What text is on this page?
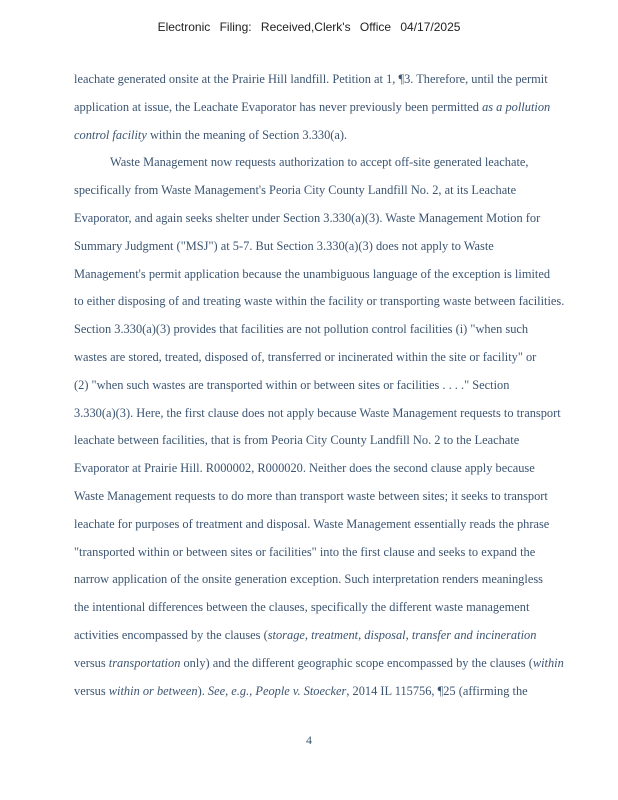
Electronic Filing: Received,Clerk's Office 04/17/2025
leachate generated onsite at the Prairie Hill landfill. Petition at 1, ¶3. Therefore, until the permit
application at issue, the Leachate Evaporator has never previously been permitted as a pollution
control facility within the meaning of Section 3.330(a).
Waste Management now requests authorization to accept off-site generated leachate,
specifically from Waste Management's Peoria City County Landfill No. 2, at its Leachate
Evaporator, and again seeks shelter under Section 3.330(a)(3). Waste Management Motion for
Summary Judgment ("MSJ") at 5-7. But Section 3.330(a)(3) does not apply to Waste
Management's permit application because the unambiguous language of the exception is limited
to either disposing of and treating waste within the facility or transporting waste between facilities.
Section 3.330(a)(3) provides that facilities are not pollution control facilities (i) "when such
wastes are stored, treated, disposed of, transferred or incinerated within the site or facility" or
(2) "when such wastes are transported within or between sites or facilities . . . ." Section
3.330(a)(3). Here, the first clause does not apply because Waste Management requests to transport
leachate between facilities, that is from Peoria City County Landfill No. 2 to the Leachate
Evaporator at Prairie Hill. R000002, R000020. Neither does the second clause apply because
Waste Management requests to do more than transport waste between sites; it seeks to transport
leachate for purposes of treatment and disposal. Waste Management essentially reads the phrase
"transported within or between sites or facilities" into the first clause and seeks to expand the
narrow application of the onsite generation exception. Such interpretation renders meaningless
the intentional differences between the clauses, specifically the different waste management
activities encompassed by the clauses (storage, treatment, disposal, transfer and incineration
versus transportation only) and the different geographic scope encompassed by the clauses (within
versus within or between). See, e.g., People v. Stoecker, 2014 IL 115756, ¶25 (affirming the
4
